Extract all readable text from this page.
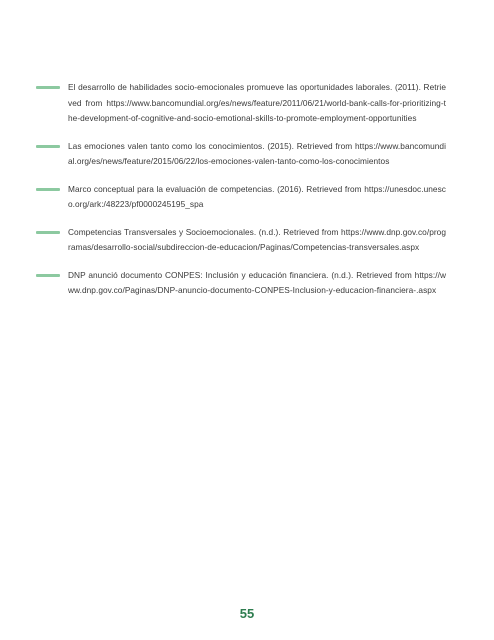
El desarrollo de habilidades socio-emocionales promueve las oportunidades laborales. (2011). Retrieved from https://www.bancomundial.org/es/news/feature/2011/06/21/world-bank-calls-for-prioritizing-the-development-of-cognitive-and-socio-emotional-skills-to-promote-employment-opportunities

Las emociones valen tanto como los conocimientos. (2015). Retrieved from https://www.bancomundial.org/es/news/feature/2015/06/22/los-emociones-valen-tanto-como-los-conocimientos

Marco conceptual para la evaluación de competencias. (2016). Retrieved from https://unesdoc.unesco.org/ark:/48223/pf0000245195_spa

Competencias Transversales y Socioemocionales. (n.d.). Retrieved from https://www.dnp.gov.co/programas/desarrollo-social/subdireccion-de-educacion/Paginas/Competencias-transversales.aspx

DNP anunció documento CONPES: Inclusión y educación financiera. (n.d.). Retrieved from https://www.dnp.gov.co/Paginas/DNP-anuncio-documento-CONPES-Inclusion-y-educacion-financiera-.aspx

55
